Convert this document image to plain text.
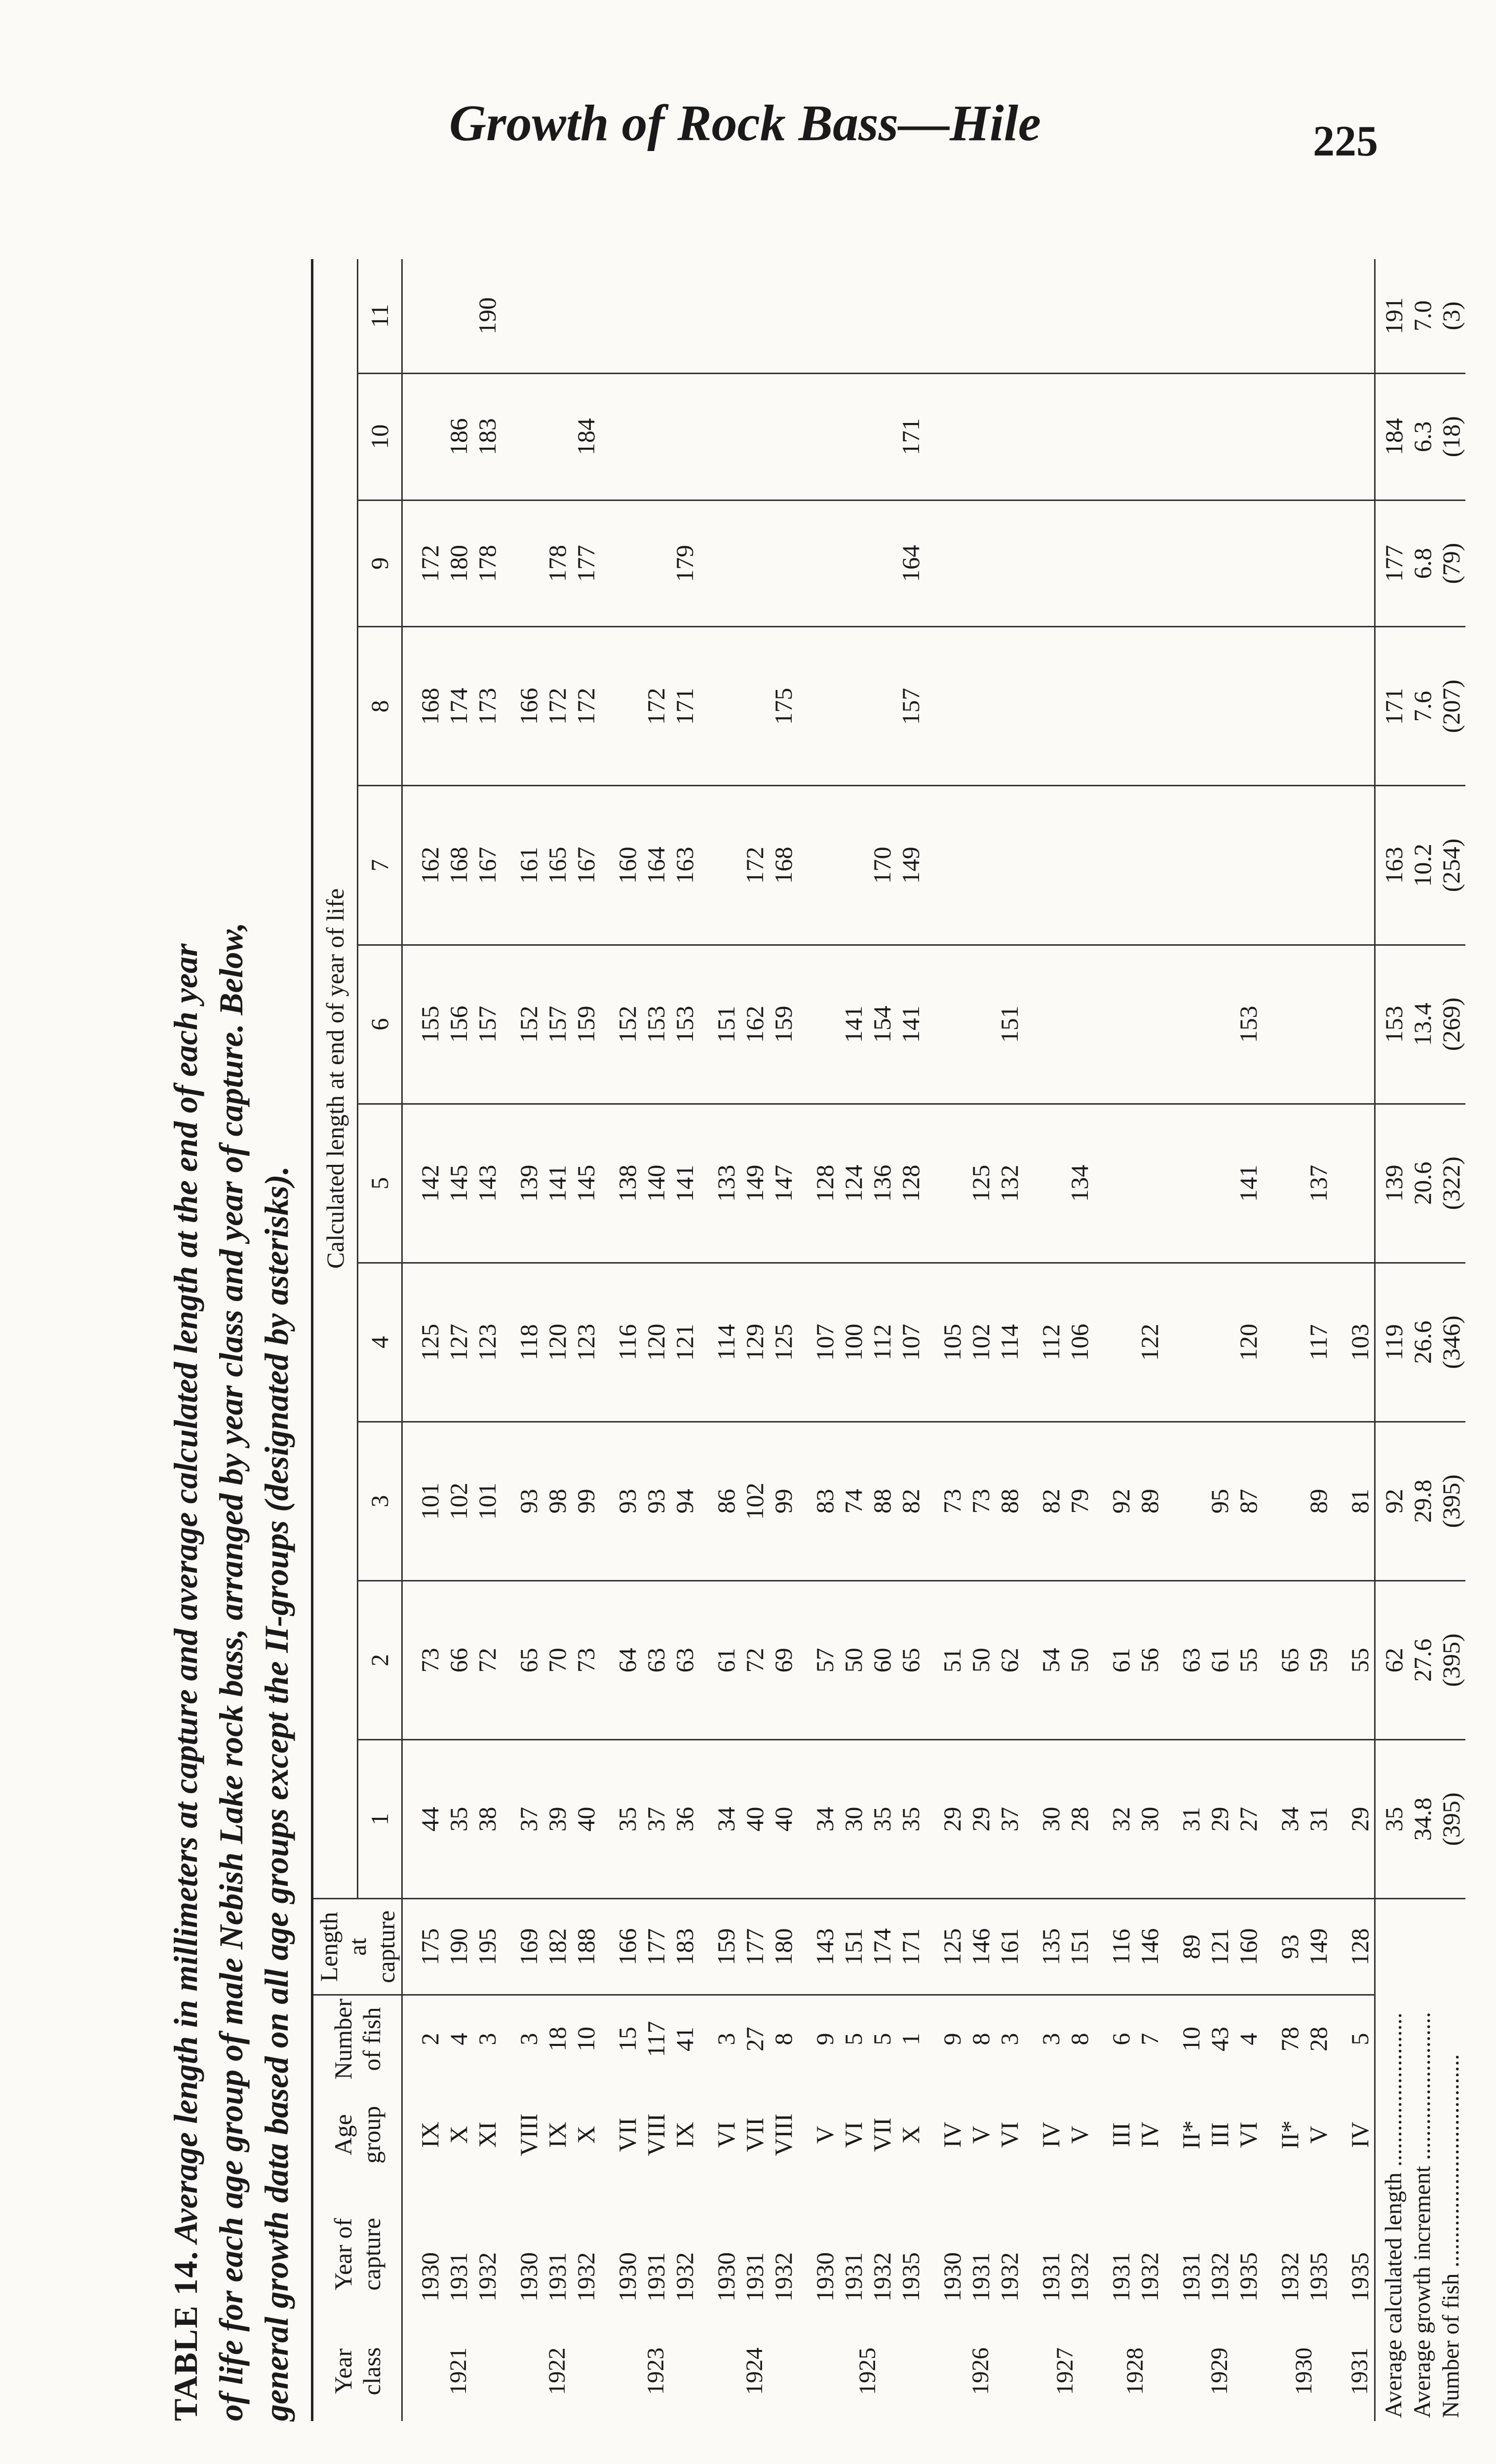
Growth of Rock Bass—Hile	225

TABLE 14. Average length in millimeters at capture and average calculated length at the end of each year of life for each age group of male Nebish Lake rock bass, arranged by year class and year of capture. Below, general growth data based on all age groups except the II-groups (designated by asterisks). Year class	Year of capture	Age group	Number of fish	Length at capture	Calculated length at end of year of life										
					1	2	3	4	5	6	7	8	9	10	11
1921	1930	IX	2	175	44	73	101	125	142	155	162	168	172		
	1931	X	4	190	35	66	102	127	145	156	168	174	180	186	
	1932	XI	3	195	38	72	101	123	143	157	167	173	178	183	190
1922	1930	VIII	3	169	37	65	93	118	139	152	161	166			
	1931	IX	18	182	39	70	98	120	141	157	165	172	178		
	1932	X	10	188	40	73	99	123	145	159	167	172	177	184	
1923	1930	VII	15	166	35	64	93	116	138	152	160				
	1931	VIII	117	177	37	63	93	120	140	153	164	172			
	1932	IX	41	183	36	63	94	121	141	153	163	171	179		
1924	1930	VI	3	159	34	61	86	114	133	151					
	1931	VII	27	177	40	72	102	129	149	162	172				
	1932	VIII	8	180	40	69	99	125	147	159	168	175			
1925	1930	V	9	143	34	57	83	107	128						
	1931	VI	5	151	30	50	74	100	124	141					
	1932	VII	5	174	35	60	88	112	136	154	170				
	1935	X	1	171	35	65	82	107	128	141	149	157	164	171	
1926	1930	IV	9	125	29	51	73	105							
	1931	V	8	146	29	50	73	102	125						
	1932	VI	3	161	37	62	88	114	132	151					
1927	1931	IV	3	135	30	54	82	112							
	1932	V	8	151	28	50	79	106	134						
1928	1931	III	6	116	32	61	92								
	1932	IV	7	146	30	56	89	122							
1929	1931	II*	10	89	31	63									
	1932	III	43	121	29	61	95								
	1935	VI	4	160	27	55	87	120	141	153					
1930	1932	II*	78	93	34	65									
	1935	V	28	149	31	59	89	117	137						
1931	1935	IV	5	128	29	55	81	103							
Average calculated length ..........................					35	62	92	119	139	153	163	171	177	184	191
Average growth increment .........................					34.8	27.6	29.8	26.6	20.6	13.4	10.2	7.6	6.8	6.3	7.0
Number of fish ....................................					(395)	(395)	(395)	(346)	(322)	(269)	(254)	(207)	(79)	(18)	(3)
